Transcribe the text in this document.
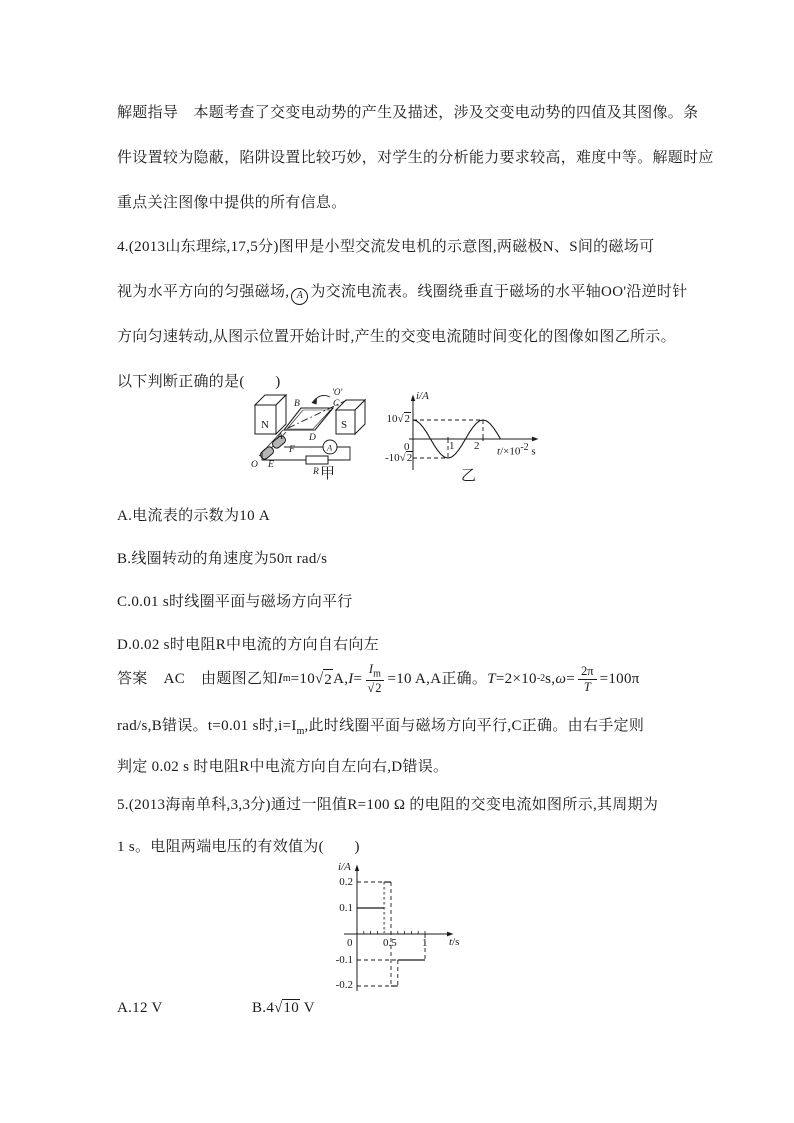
解题指导　本题考查了交变电动势的产生及描述，涉及交变电动势的四值及其图像。条
件设置较为隐蔽，陷阱设置比较巧妙，对学生的分析能力要求较高，难度中等。解题时应
重点关注图像中提供的所有信息。
4.(2013山东理综,17,5分)图甲是小型交流发电机的示意图,两磁极N、S间的磁场可
视为水平方向的匀强磁场, A 为交流电流表。线圈绕垂直于磁场的水平轴OO'沿逆时针
方向匀速转动,从图示位置开始计时,产生的交变电流随时间变化的图像如图乙所示。
以下判断正确的是(　　)
N	S
A
B	C
D
'O'
O E
F	A
R 甲
i/A
10√2
-10√2
0	1 2 $t/\times 10^{-2}$ s
乙
A.电流表的示数为10 A
B.线圈转动的角速度为50π rad/s
C.0.01 s时线圈平面与磁场方向平行
D.0.02 s时电阻R中电流的方向自右向左
答案 AC 由题图乙知 I m =10 √ 2 A, $I = \frac{I_m}{√2} =10$ A,A正确。 T =2×10 -2 s, $\omega = \frac{2\pi}{T} =100\pi$
rad/s,B错误。t=0.01 s时$,i=I_m$,此时线圈平面与磁场方向平行,C正确。由右手定则
判定 0.02 s 时电阻R中电流方向自左向右,D错误。
5.(2013海南单科,3,3分)通过一阻值R=100 Ω 的电阻的交变电流如图所示,其周期为
1 s。电阻两端电压的有效值为(　　)
i/A
0.2
0.1
-0.1
-0.2
0	0.5 1 t/s
A.12 V	B.4√10 V
